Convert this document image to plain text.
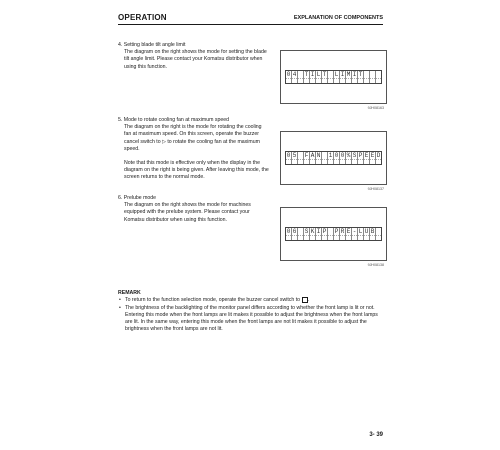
OPERATION	EXPLANATION OF COMPONENTS

4. Setting blade tilt angle limit

The diagram on the right shows the mode for setting the blade tilt angle limit. Please contact your Komatsu distributor when using this function.

0 4 T I L T L I M I T
9JH08163

5. Mode to rotate cooling fan at maximum speed

The diagram on the right is the mode for rotating the cooling fan at maximum speed. On this screen, operate the buzzer cancel switch to ▷ to rotate the cooling fan at the maximum speed.

Note that this mode is effective only when the display in the diagram on the right is being given. After leaving this mode, the screen returns to the normal mode.

0 5 F A N 1 0 0 % S P E E D
9JH08137

6. Prelube mode

The diagram on the right shows the mode for machines equipped with the prelube system. Please contact your Komatsu distributor when using this function.

0 6 S K I P P R E - L U B
9JH08138
REMARK
• To return to the function selection mode, operate the buzzer cancel switch to .
• The brightness of the backlighting of the monitor panel differs according to whether the front lamp is lit or not. Entering this mode when the front lamps are lit makes it possible to adjust the brightness when the front lamps are lit. In the same way, entering this mode when the front lamps are not lit makes it possible to adjust the brightness when the front lamps are not lit.
3- 39
